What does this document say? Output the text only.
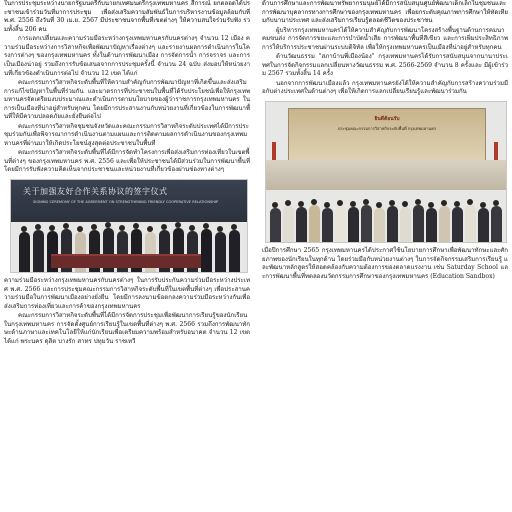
ในการประชุมระหว่างนายกรัฐมนตรีกับนายกเทศมนตรีกรุงเทพมหานคร สีการณ์ ยกตลอดได้ประชาชนเข้าร่วมวันที่มาการประชุม เพื่อส่งเสริมความสัมพันธ์ในการบริหารงานข้อมูลล้อมกับที่ พ.ศ. 2556 ถึงวันที่ 30 เม.ย. 2567 มีประชาชนจากพื้นที่เขตต่างๆ ให้ความสนใจร่วมรับฟัง รวมทั้งสิ้น 206 คน

การแลกเปลี่ยนและความร่วมมือระหว่างกรุงเทพมหานครกับนครต่างๆ จำนวน 12 เมือง ความร่วมมือระหว่างการวิสาหกิจเพื่อพัฒนาปัญหาเรื่องต่างๆ และรายงานผลการดำเนินการในโครงการต่างๆ ของกรุงเทพมหานคร ทั้งในด้านการพัฒนาเมือง การจัดการน้ำ การจราจร และการเป็นเมืองน่าอยู่ รวมถึงการรับข้อเสนอจากการประชุมครั้งนี้ จำนวน 24 ฉบับ ส่งมอบให้หน่วยงานที่เกี่ยวข้องดำเนินการต่อไป จำนวน 12 เขต ได้แก่

คณะกรรมการวิสาหกิจระดับพื้นที่ให้ความสำคัญกับการพัฒนาปัญหาที่เกิดขึ้นและส่งเสริมการแก้ไขปัญหาในพื้นที่ร่วมกัน และมาตรการที่ประชาชนในพื้นที่ได้รับประโยชน์เพื่อให้กรุงเทพมหานครจัดเตรียมงบประมาณและดำเนินการตามนโยบายของผู้ว่าราชการกรุงเทพมหานคร ในการเป็นเมืองที่น่าอยู่สำหรับทุกคน โดยมีการประสานงานกับหน่วยงานที่เกี่ยวข้องในการพัฒนาพื้นที่ให้มีความปลอดภัยและยั่งยืนต่อไป

คณะกรรมการวิสาหกิจชุมชนจังหวัดและคณะกรรมการวิสาหกิจระดับประเทศได้มีการประชุมร่วมกันเพื่อพิจารณาการดำเนินงานตามแผนและการติดตามผลการดำเนินงานของกรุงเทพมหานครที่ผ่านมาให้เกิดประโยชน์สูงสุดต่อประชาชนในพื้นที่

คณะกรรมการวิสาหกิจระดับพื้นที่ได้มีการจัดทำโครงการเพื่อส่งเสริมการท่องเที่ยวในเขตพื้นที่ต่างๆ ของกรุงเทพมหานคร พ.ศ. 2556 และเพื่อให้ประชาชนได้มีส่วนร่วมในการพัฒนาพื้นที่ โดยมีการรับฟังความคิดเห็นจากประชาชนและหน่วยงานที่เกี่ยวข้องผ่านช่องทางต่างๆ

关于加强友好合作关系协议的签字仪式
SIGNING CEREMONY OF THE AGREEMENT ON STRENGTHENING FRIENDLY COOPERATIVE RELATIONSHIP

ความร่วมมือระหว่างกรุงเทพมหานครกับนครต่างๆ ในการรับประกันความร่วมมือระหว่างประเทศ พ.ศ. 2566 และการประชุมคณะกรรมการวิสาหกิจระดับพื้นที่ในเขตพื้นที่ต่างๆ เพื่อประสานความร่วมมือในการพัฒนาเมืองอย่างยั่งยืน โดยมีการลงนามข้อตกลงความร่วมมือระหว่างกันเพื่อส่งเสริมการท่องเที่ยวและการค้าของกรุงเทพมหานคร

คณะกรรมการวิสาหกิจระดับพื้นที่ได้มีการจัดการประชุมเพื่อพัฒนาการเรียนรู้ของนักเรียนในกรุงเทพมหานคร การจัดตั้งศูนย์การเรียนรู้ในเขตพื้นที่ต่างๆ พ.ศ. 2566 รวมถึงการพัฒนาทักษะด้านภาษาและเทคโนโลยีให้แก่นักเรียนเพื่อเตรียมความพร้อมสำหรับอนาคต จำนวน 12 เขต ได้แก่ พระนคร ดุสิต บางรัก สาทร ปทุมวัน ราชเทวี

ด้านการศึกษาและการพัฒนาทรัพยากรมนุษย์ได้มีการสนับสนุนศูนย์พัฒนาเด็กเล็กในชุมชนและการพัฒนาบุคลากรทางการศึกษาของกรุงเทพมหานคร เพื่อยกระดับคุณภาพการศึกษาให้ทัดเทียมกับนานาประเทศ และส่งเสริมการเรียนรู้ตลอดชีวิตของประชาชน

ผู้บริหารกรุงเทพมหานครได้ให้ความสำคัญกับการพัฒนาโครงสร้างพื้นฐานด้านการคมนาคมขนส่ง การจัดการขยะและการบำบัดน้ำเสีย การพัฒนาพื้นที่สีเขียว และการเพิ่มประสิทธิภาพการให้บริการประชาชนผ่านระบบดิจิทัล เพื่อให้กรุงเทพมหานครเป็นเมืองที่น่าอยู่สำหรับทุกคน

ด้านวัฒนธรรม "สภาบ้านพี่เมืองน้อง" กรุงเทพมหานครได้รับการสนับสนุนจากนานาประเทศในการจัดกิจกรรมแลกเปลี่ยนทางวัฒนธรรม พ.ศ. 2566-2569 จำนวน 8 ครั้งและ มีผู้เข้าร่วม 2567 รวมทั้งสิ้น 14 ครั้ง

นอกจากการพัฒนาเมืองแล้ว กรุงเทพมหานครยังได้ให้ความสำคัญกับการสร้างความร่วมมือกับต่างประเทศในด้านต่างๆ เพื่อให้เกิดการแลกเปลี่ยนเรียนรู้และพัฒนาร่วมกัน

ยินดีต้อนรับ
ประชุมคณะกรรมการวิสาหกิจระดับพื้นที่ กรุงเทพมหานคร

เมื่อปีการศึกษา 2565 กรุงเทพมหานครได้ประกาศใช้นโยบายการศึกษาเพื่อพัฒนาทักษะและศักยภาพของนักเรียนในทุกด้าน โดยร่วมมือกับหน่วยงานต่างๆ ในการจัดกิจกรรมเสริมการเรียนรู้ และพัฒนาหลักสูตรให้สอดคล้องกับความต้องการของตลาดแรงงาน เช่น Saturday School และการพัฒนาพื้นที่ทดลองนวัตกรรมการศึกษาของกรุงเทพมหานคร (Education Sandbox)
